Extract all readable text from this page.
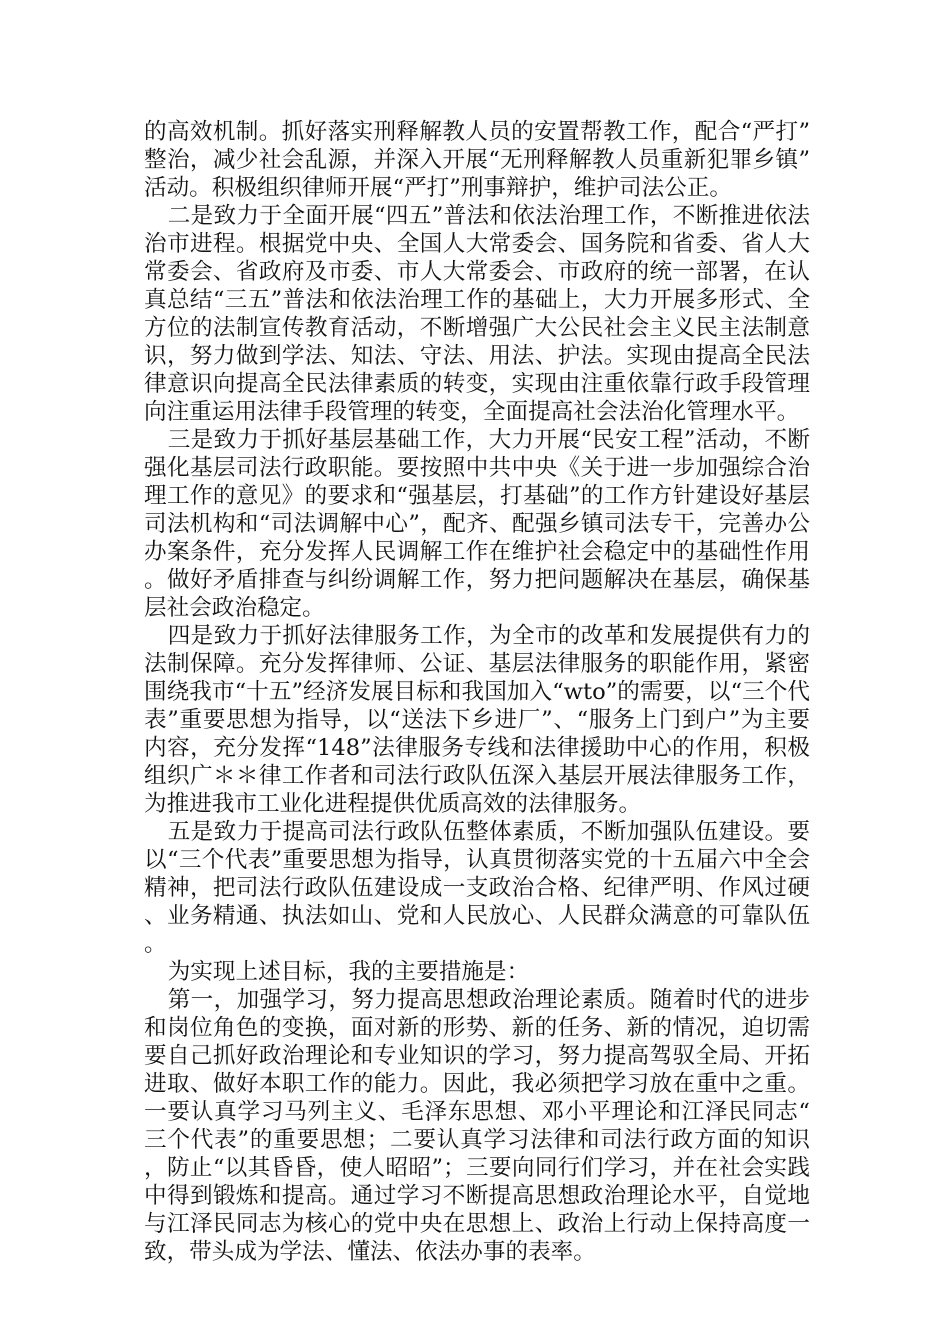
的高效机制。抓好落实刑释解教人员的安置帮教工作，配合“严打”整治，减少社会乱源，并深入开展“无刑释解教人员重新犯罪乡镇”活动。积极组织律师开展“严打”刑事辩护，维护司法公正。

二是致力于全面开展“四五”普法和依法治理工作，不断推进依法治市进程。根据党中央、全国人大常委会、国务院和省委、省人大常委会、省政府及市委、市人大常委会、市政府的统一部署，在认真总结“三五”普法和依法治理工作的基础上，大力开展多形式、全方位的法制宣传教育活动，不断增强广大公民社会主义民主法制意识，努力做到学法、知法、守法、用法、护法。实现由提高全民法律意识向提高全民法律素质的转变，实现由注重依靠行政手段管理向注重运用法律手段管理的转变，全面提高社会法治化管理水平。

三是致力于抓好基层基础工作，大力开展“民安工程”活动，不断强化基层司法行政职能。要按照中共中央《关于进一步加强综合治理工作的意见》的要求和“强基层，打基础”的工作方针建设好基层司法机构和“司法调解中心”，配齐、配强乡镇司法专干，完善办公办案条件，充分发挥人民调解工作在维护社会稳定中的基础性作用。做好矛盾排查与纠纷调解工作，努力把问题解决在基层，确保基层社会政治稳定。

四是致力于抓好法律服务工作，为全市的改革和发展提供有力的法制保障。充分发挥律师、公证、基层法律服务的职能作用，紧密围绕我市“十五”经济发展目标和我国加入“wto”的需要，以“三个代表”重要思想为指导，以“送法下乡进厂”、“服务上门到户”为主要内容，充分发挥“148”法律服务专线和法律援助中心的作用，积极组织广＊＊律工作者和司法行政队伍深入基层开展法律服务工作，为推进我市工业化进程提供优质高效的法律服务。

五是致力于提高司法行政队伍整体素质，不断加强队伍建设。要以“三个代表”重要思想为指导，认真贯彻落实党的十五届六中全会精神，把司法行政队伍建设成一支政治合格、纪律严明、作风过硬、业务精通、执法如山、党和人民放心、人民群众满意的可靠队伍。

为实现上述目标，我的主要措施是：

第一，加强学习，努力提高思想政治理论素质。随着时代的进步和岗位角色的变换，面对新的形势、新的任务、新的情况，迫切需要自己抓好政治理论和专业知识的学习，努力提高驾驭全局、开拓进取、做好本职工作的能力。因此，我必须把学习放在重中之重。一要认真学习马列主义、毛泽东思想、邓小平理论和江泽民同志“三个代表”的重要思想；二要认真学习法律和司法行政方面的知识，防止“以其昏昏，使人昭昭”；三要向同行们学习，并在社会实践中得到锻炼和提高。通过学习不断提高思想政治理论水平，自觉地与江泽民同志为核心的党中央在思想上、政治上行动上保持高度一致，带头成为学法、懂法、依法办事的表率。
